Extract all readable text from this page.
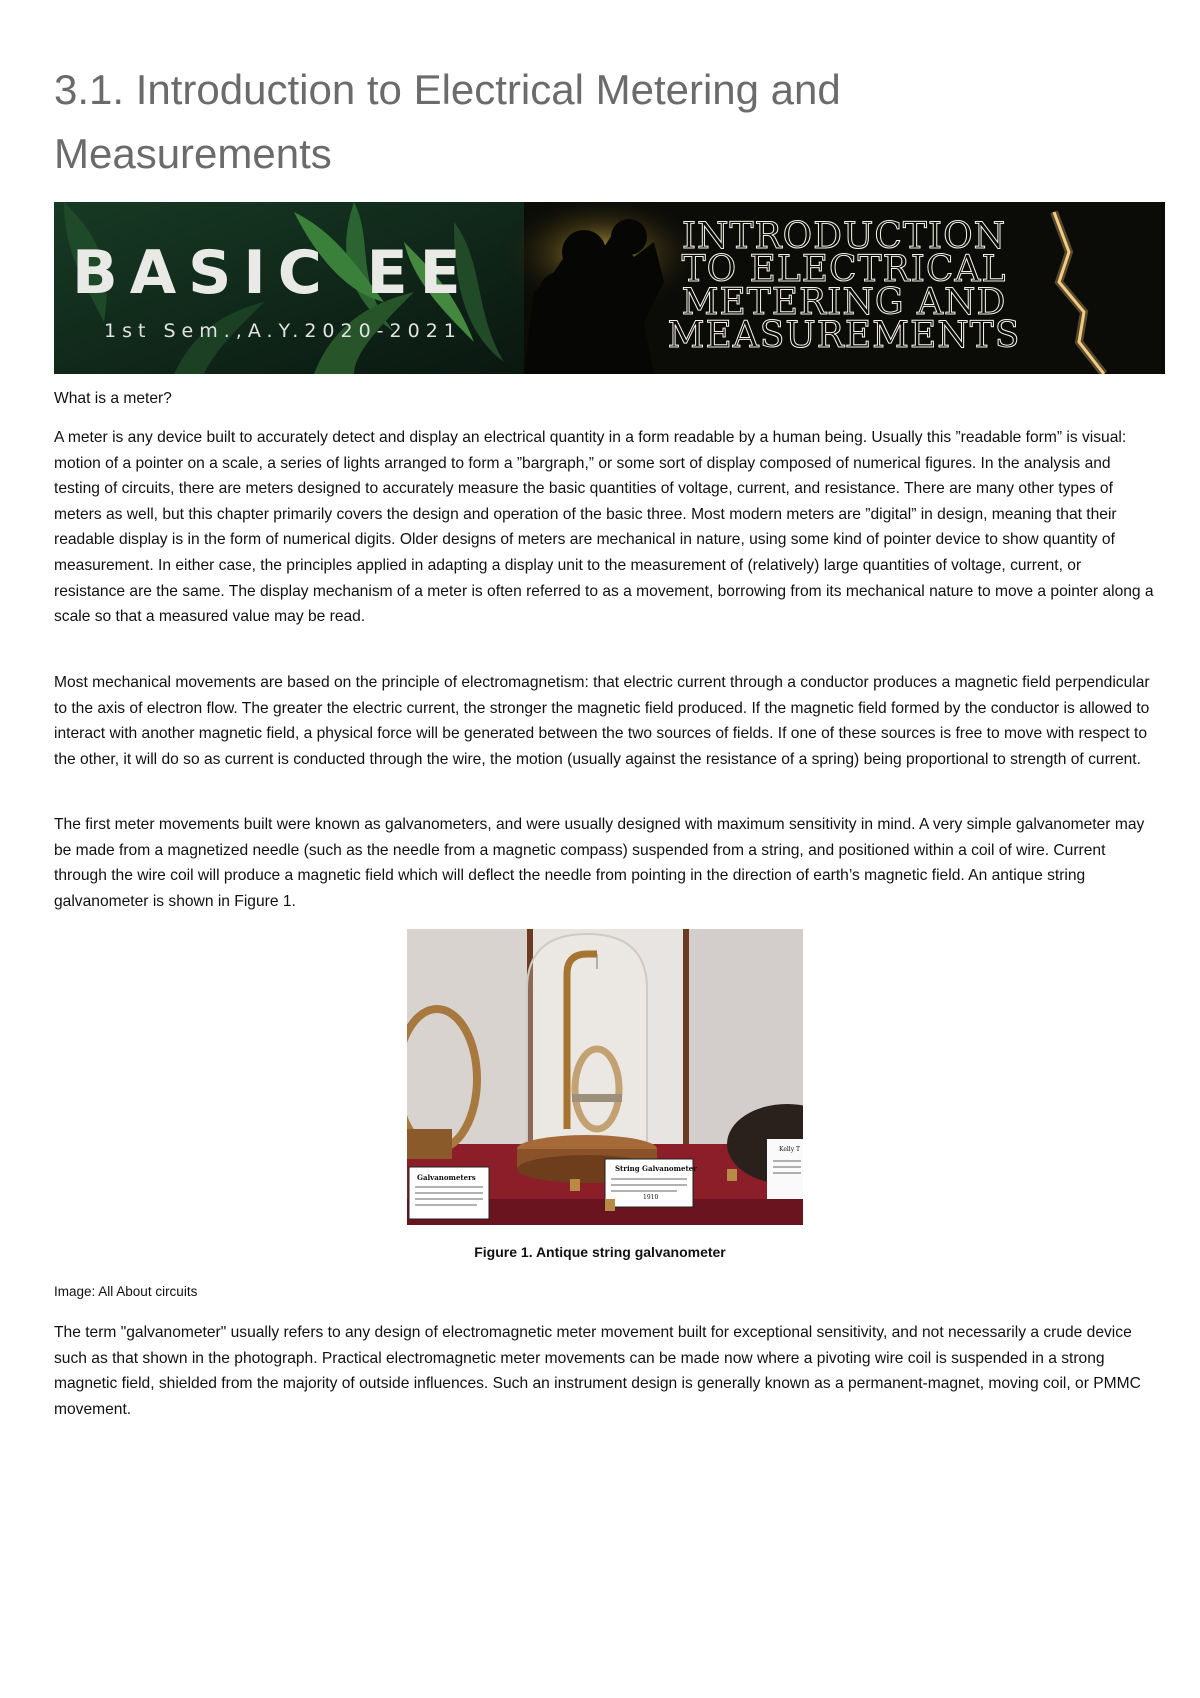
3.1. Introduction to Electrical Metering and Measurements
BASIC EE
1st Sem.,A.Y.2020-2021
INTRODUCTION
TO ELECTRICAL
METERING AND
MEASUREMENTS

What is a meter?

A meter is any device built to accurately detect and display an electrical quantity in a form readable by a human being. Usually this ”readable form” is visual: motion of a pointer on a scale, a series of lights arranged to form a ”bargraph,” or some sort of display composed of numerical figures. In the analysis and testing of circuits, there are meters designed to accurately measure the basic quantities of voltage, current, and resistance. There are many other types of meters as well, but this chapter primarily covers the design and operation of the basic three. Most modern meters are ”digital” in design, meaning that their readable display is in the form of numerical digits. Older designs of meters are mechanical in nature, using some kind of pointer device to show quantity of measurement. In either case, the principles applied in adapting a display unit to the measurement of (relatively) large quantities of voltage, current, or resistance are the same. The display mechanism of a meter is often referred to as a movement, borrowing from its mechanical nature to move a pointer along a scale so that a measured value may be read.

Most mechanical movements are based on the principle of electromagnetism: that electric current through a conductor produces a magnetic field perpendicular to the axis of electron flow. The greater the electric current, the stronger the magnetic field produced. If the magnetic field formed by the conductor is allowed to interact with another magnetic field, a physical force will be generated between the two sources of fields. If one of these sources is free to move with respect to the other, it will do so as current is conducted through the wire, the motion (usually against the resistance of a spring) being proportional to strength of current.

The first meter movements built were known as galvanometers, and were usually designed with maximum sensitivity in mind. A very simple galvanometer may be made from a magnetized needle (such as the needle from a magnetic compass) suspended from a string, and positioned within a coil of wire. Current through the wire coil will produce a magnetic field which will deflect the needle from pointing in the direction of earth’s magnetic field. An antique string galvanometer is shown in Figure 1.

Galvanometers
String Galvanometer
1910
Kelly T
Figure 1. Antique string galvanometer
Image: All About circuits

The term "galvanometer" usually refers to any design of electromagnetic meter movement built for exceptional sensitivity, and not necessarily a crude device such as that shown in the photograph. Practical electromagnetic meter movements can be made now where a pivoting wire coil is suspended in a strong magnetic field, shielded from the majority of outside influences. Such an instrument design is generally known as a permanent-magnet, moving coil, or PMMC movement.
